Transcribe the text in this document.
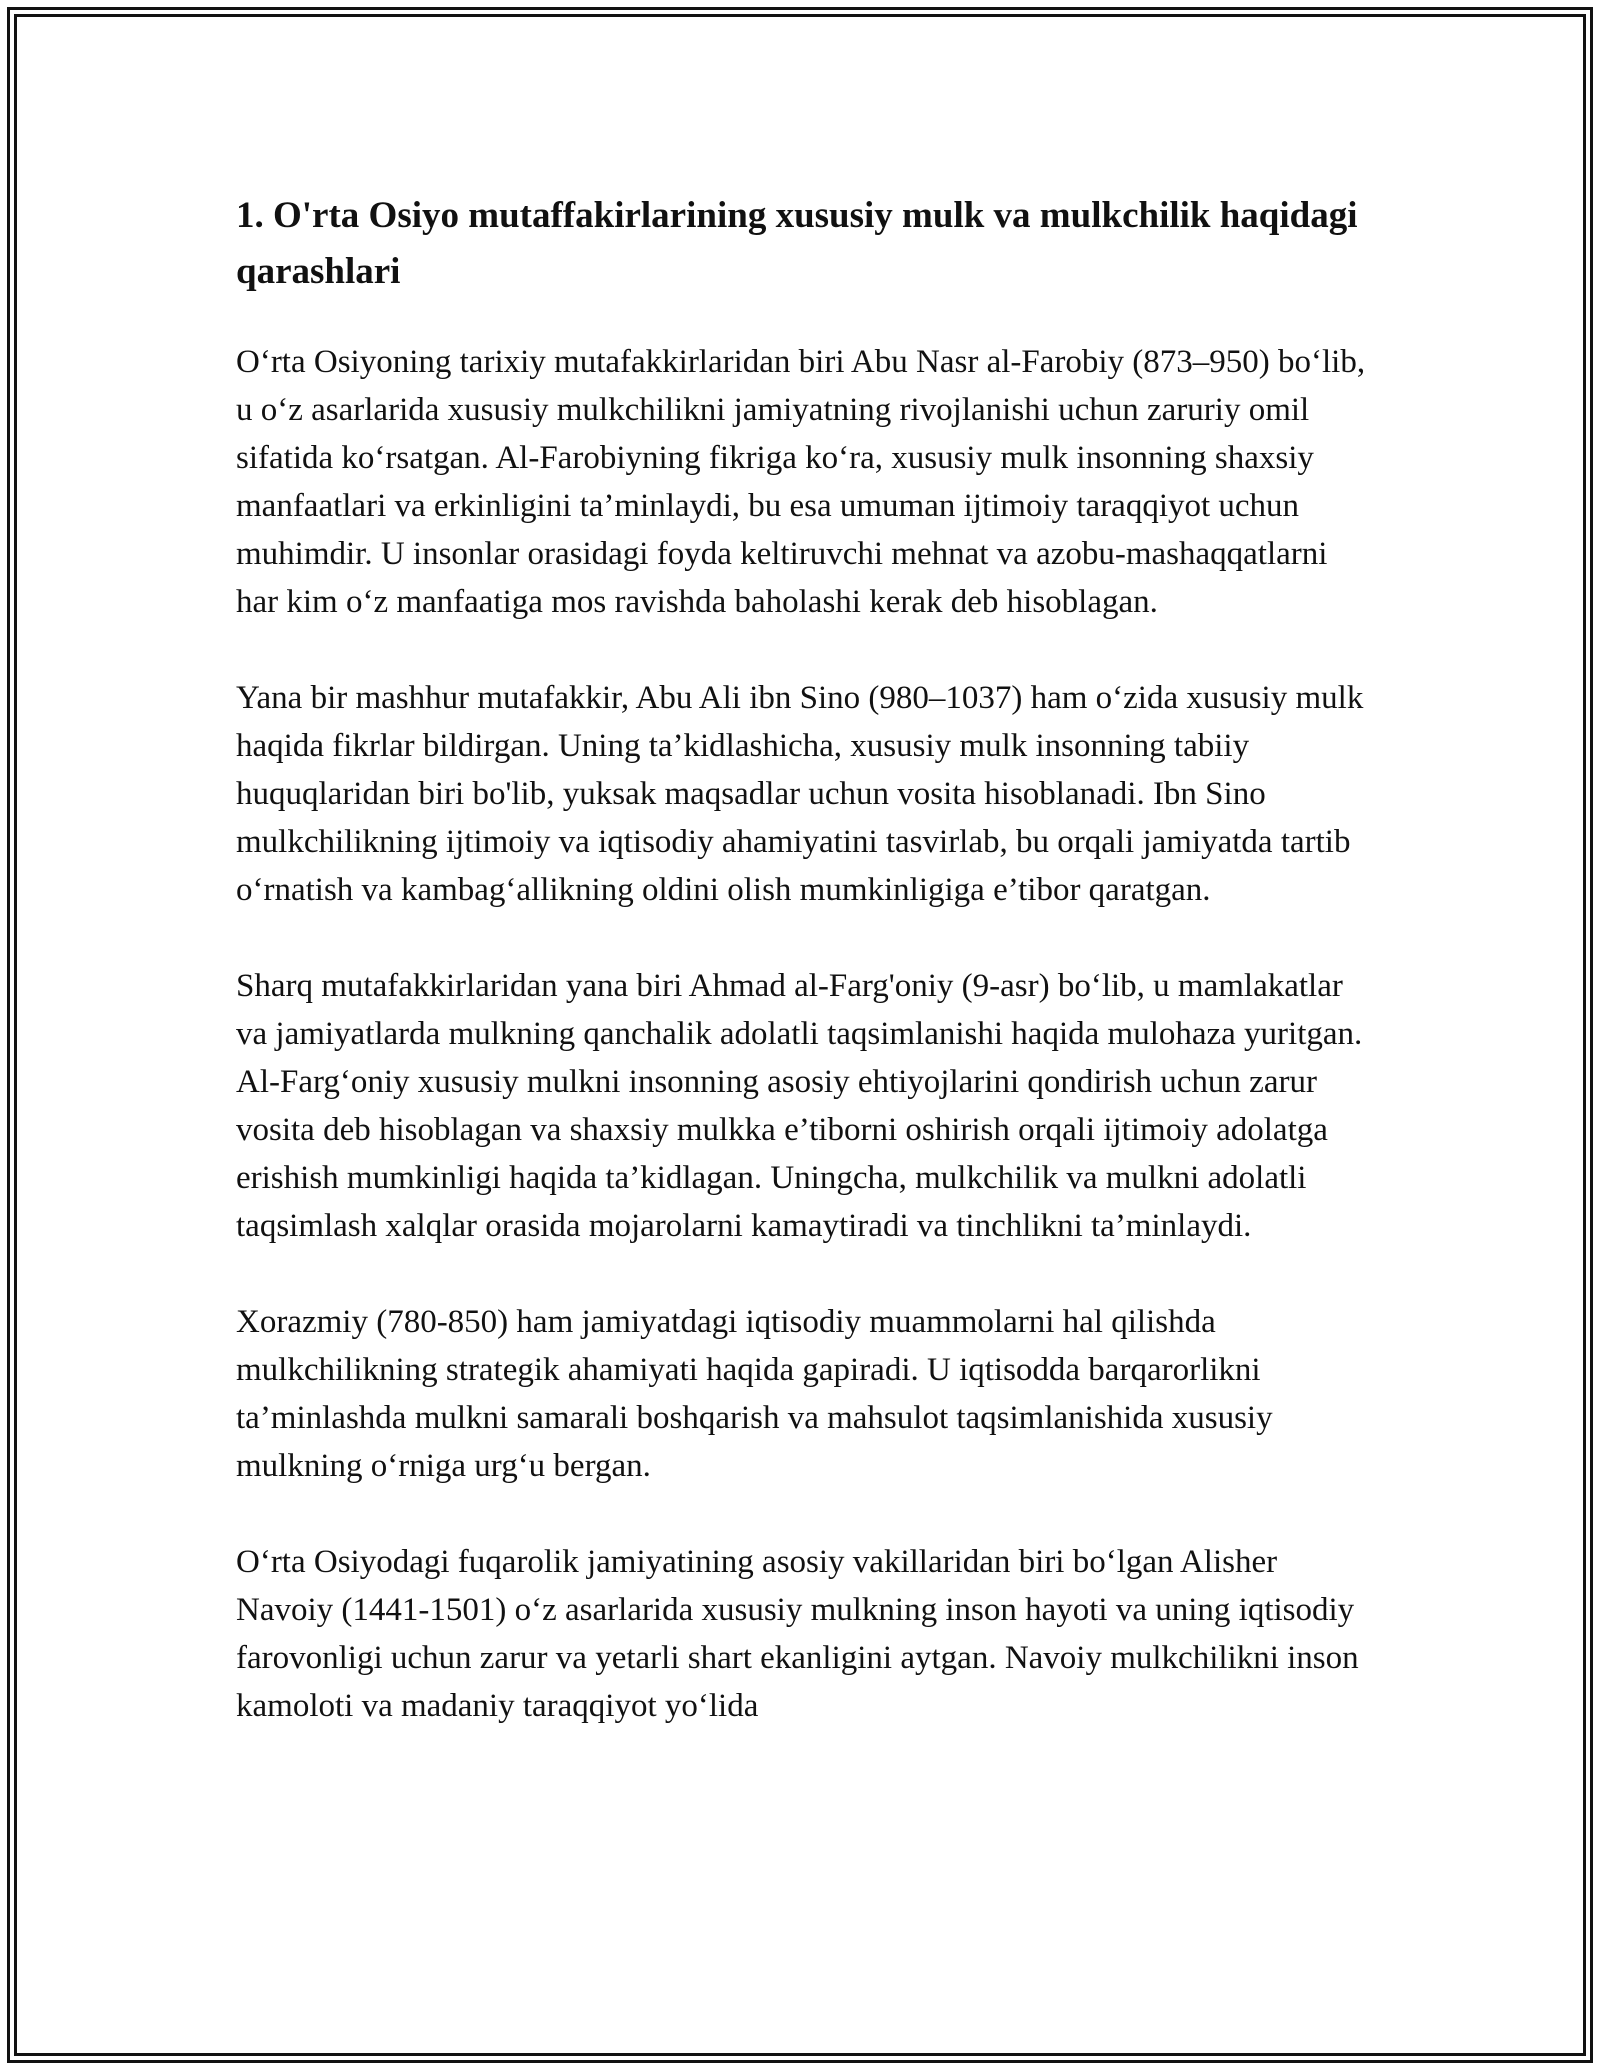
1. O'rta Osiyo mutaffakirlarining xususiy mulk va mulkchilik haqidagi qarashlari

O‘rta Osiyoning tarixiy mutafakkirlaridan biri Abu Nasr al-Farobiy (873–950) bo‘lib, u o‘z asarlarida xususiy mulkchilikni jamiyatning rivojlanishi uchun zaruriy omil sifatida ko‘rsatgan. Al-Farobiyning fikriga ko‘ra, xususiy mulk insonning shaxsiy manfaatlari va erkinligini ta’minlaydi, bu esa umuman ijtimoiy taraqqiyot uchun muhimdir. U insonlar orasidagi foyda keltiruvchi mehnat va azobu-mashaqqatlarni har kim o‘z manfaatiga mos ravishda baholashi kerak deb hisoblagan.

Yana bir mashhur mutafakkir, Abu Ali ibn Sino (980–1037) ham o‘zida xususiy mulk haqida fikrlar bildirgan. Uning ta’kidlashicha, xususiy mulk insonning tabiiy huquqlaridan biri bo'lib, yuksak maqsadlar uchun vosita hisoblanadi. Ibn Sino mulkchilikning ijtimoiy va iqtisodiy ahamiyatini tasvirlab, bu orqali jamiyatda tartib o‘rnatish va kambag‘allikning oldini olish mumkinligiga e’tibor qaratgan.

Sharq mutafakkirlaridan yana biri Ahmad al-Farg'oniy (9-asr) bo‘lib, u mamlakatlar va jamiyatlarda mulkning qanchalik adolatli taqsimlanishi haqida mulohaza yuritgan. Al-Farg‘oniy xususiy mulkni insonning asosiy ehtiyojlarini qondirish uchun zarur vosita deb hisoblagan va shaxsiy mulkka e’tiborni oshirish orqali ijtimoiy adolatga erishish mumkinligi haqida ta’kidlagan. Uningcha, mulkchilik va mulkni adolatli taqsimlash xalqlar orasida mojarolarni kamaytiradi va tinchlikni ta’minlaydi.

Xorazmiy (780-850) ham jamiyatdagi iqtisodiy muammolarni hal qilishda mulkchilikning strategik ahamiyati haqida gapiradi. U iqtisodda barqarorlikni ta’minlashda mulkni samarali boshqarish va mahsulot taqsimlanishida xususiy mulkning o‘rniga urg‘u bergan.

O‘rta Osiyodagi fuqarolik jamiyatining asosiy vakillaridan biri bo‘lgan Alisher Navoiy (1441-1501) o‘z asarlarida xususiy mulkning inson hayoti va uning iqtisodiy farovonligi uchun zarur va yetarli shart ekanligini aytgan. Navoiy mulkchilikni inson kamoloti va madaniy taraqqiyot yo‘lida
